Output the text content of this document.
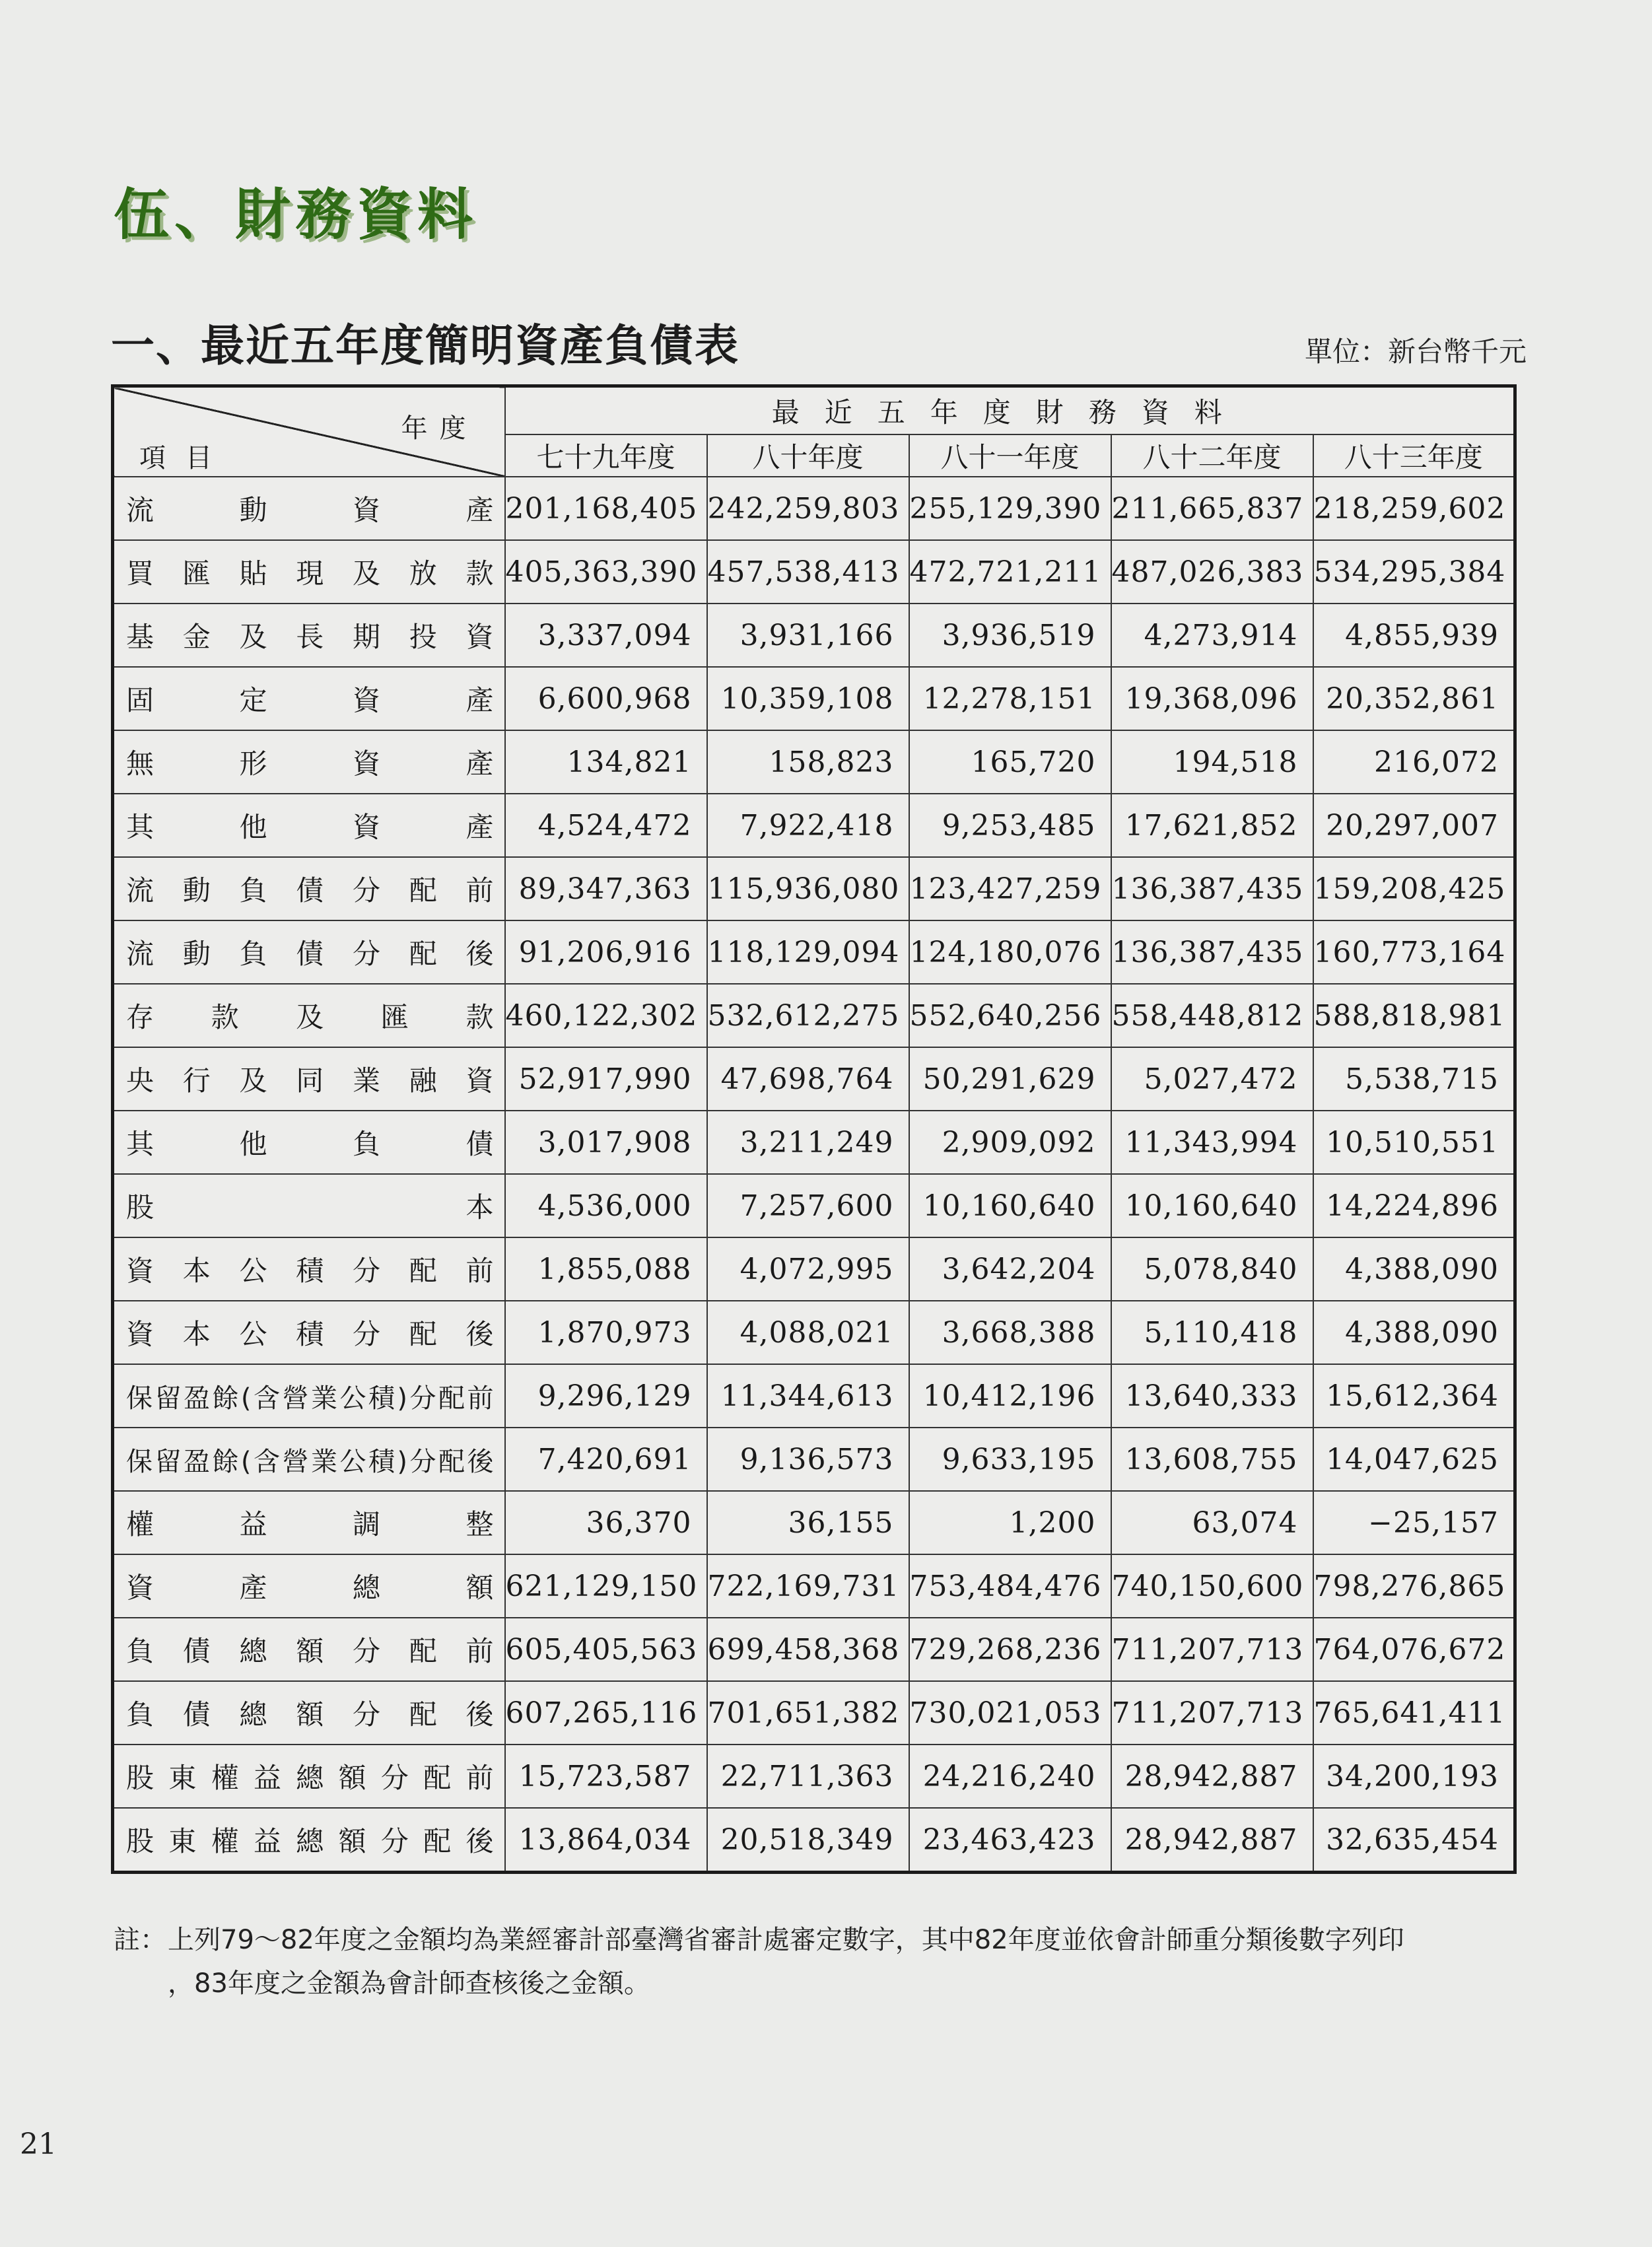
伍、財務資料
一、最近五年度簡明資產負債表	單位：新台幣千元
年度
項目	最近五年度財務資料				
	七十九年度	八十年度	八十一年度	八十二年度	八十三年度
流動資產	201,168,405	242,259,803	255,129,390	211,665,837	218,259,602
買匯貼現及放款	405,363,390	457,538,413	472,721,211	487,026,383	534,295,384
基金及長期投資	3,337,094	3,931,166	3,936,519	4,273,914	4,855,939
固定資產	6,600,968	10,359,108	12,278,151	19,368,096	20,352,861
無形資產	134,821	158,823	165,720	194,518	216,072
其他資產	4,524,472	7,922,418	9,253,485	17,621,852	20,297,007
流動負債分配前	89,347,363	115,936,080	123,427,259	136,387,435	159,208,425
流動負債分配後	91,206,916	118,129,094	124,180,076	136,387,435	160,773,164
存款及匯款	460,122,302	532,612,275	552,640,256	558,448,812	588,818,981
央行及同業融資	52,917,990	47,698,764	50,291,629	5,027,472	5,538,715
其他負債	3,017,908	3,211,249	2,909,092	11,343,994	10,510,551
股本	4,536,000	7,257,600	10,160,640	10,160,640	14,224,896
資本公積分配前	1,855,088	4,072,995	3,642,204	5,078,840	4,388,090
資本公積分配後	1,870,973	4,088,021	3,668,388	5,110,418	4,388,090
保留盈餘(含營業公積)分配前	9,296,129	11,344,613	10,412,196	13,640,333	15,612,364
保留盈餘(含營業公積)分配後	7,420,691	9,136,573	9,633,195	13,608,755	14,047,625
權益調整	36,370	36,155	1,200	63,074	−25,157
資產總額	621,129,150	722,169,731	753,484,476	740,150,600	798,276,865
負債總額分配前	605,405,563	699,458,368	729,268,236	711,207,713	764,076,672
負債總額分配後	607,265,116	701,651,382	730,021,053	711,207,713	765,641,411
股東權益總額分配前	15,723,587	22,711,363	24,216,240	28,942,887	34,200,193
股東權益總額分配後	13,864,034	20,518,349	23,463,423	28,942,887	32,635,454
註：上列79～82年度之金額均為業經審計部臺灣省審計處審定數字，其中82年度並依會計師重分類後數字列印
，83年度之金額為會計師查核後之金額。
21
